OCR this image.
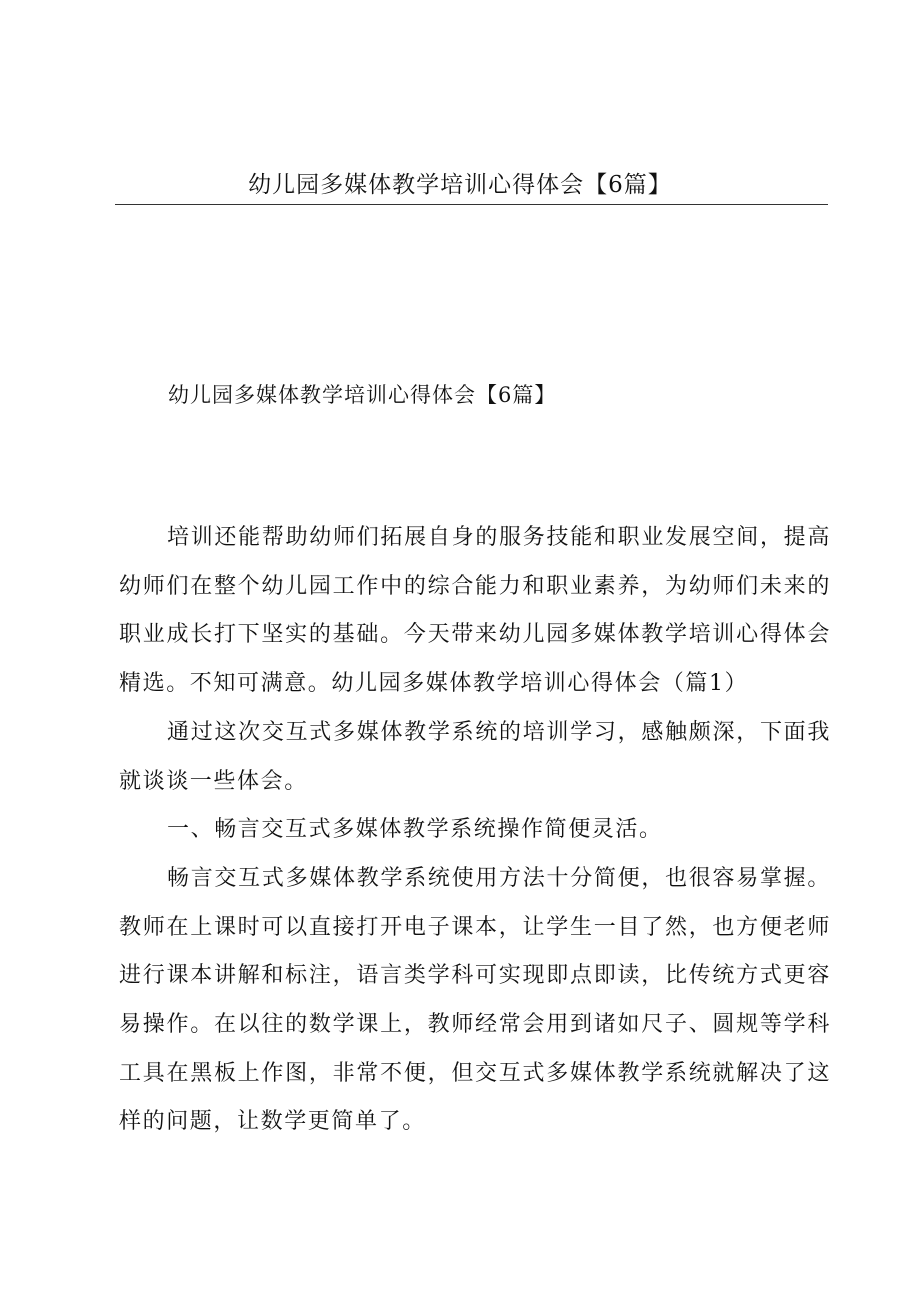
幼儿园多媒体教学培训心得体会【6篇】
幼儿园多媒体教学培训心得体会【6篇】

培训还能帮助幼师们拓展自身的服务技能和职业发展空间，提高幼师们在整个幼儿园工作中的综合能力和职业素养，为幼师们未来的职业成长打下坚实的基础。今天带来幼儿园多媒体教学培训心得体会精选。不知可满意。幼儿园多媒体教学培训心得体会（篇1）

通过这次交互式多媒体教学系统的培训学习，感触颇深，下面我就谈谈一些体会。

一、畅言交互式多媒体教学系统操作简便灵活。

畅言交互式多媒体教学系统使用方法十分简便，也很容易掌握。教师在上课时可以直接打开电子课本，让学生一目了然，也方便老师进行课本讲解和标注，语言类学科可实现即点即读，比传统方式更容易操作。在以往的数学课上，教师经常会用到诸如尺子、圆规等学科工具在黑板上作图，非常不便，但交互式多媒体教学系统就解决了这样的问题，让数学更简单了。
